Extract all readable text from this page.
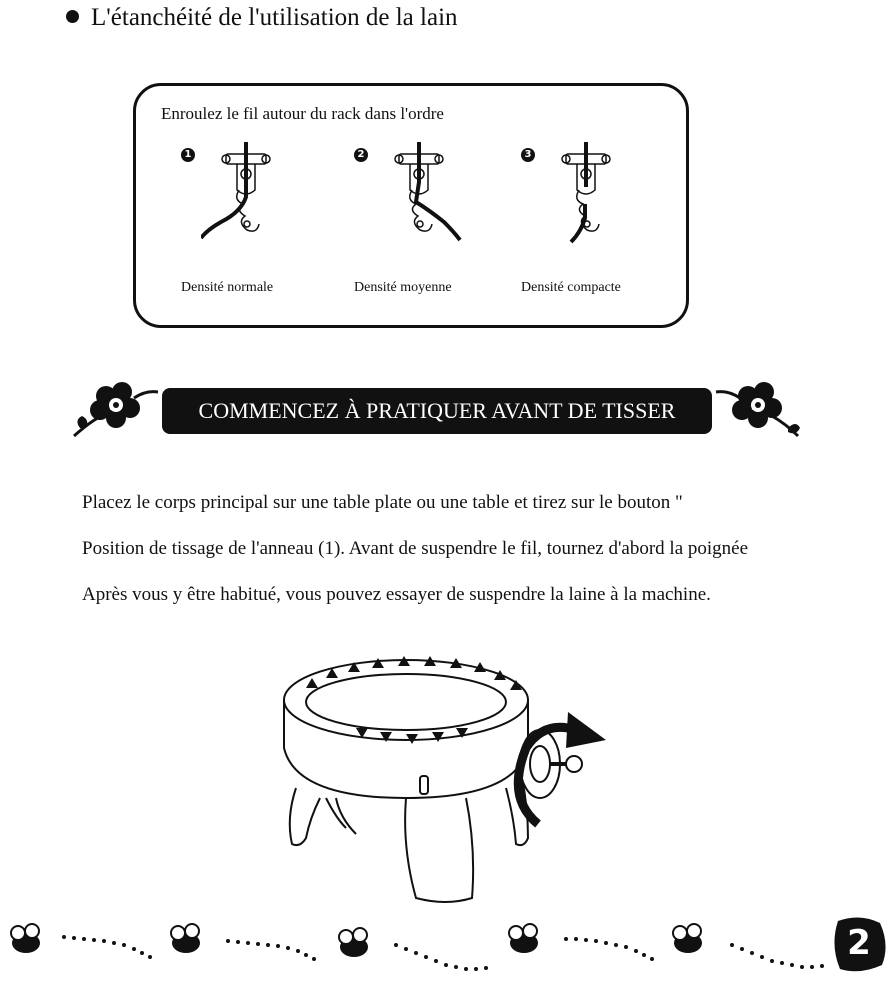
L'étanchéité de l'utilisation de la lain
Enroulez le fil autour du rack dans l'ordre
1
Densité normale
2
Densité moyenne
3
Densité compacte
COMMENCEZ À PRATIQUER AVANT DE TISSER

Placez le corps principal sur une table plate ou une table et tirez sur le bouton "

Position de tissage de l'anneau (1). Avant de suspendre le fil, tournez d'abord la poignée

Après vous y être habitué, vous pouvez essayer de suspendre la laine à la machine.

2
